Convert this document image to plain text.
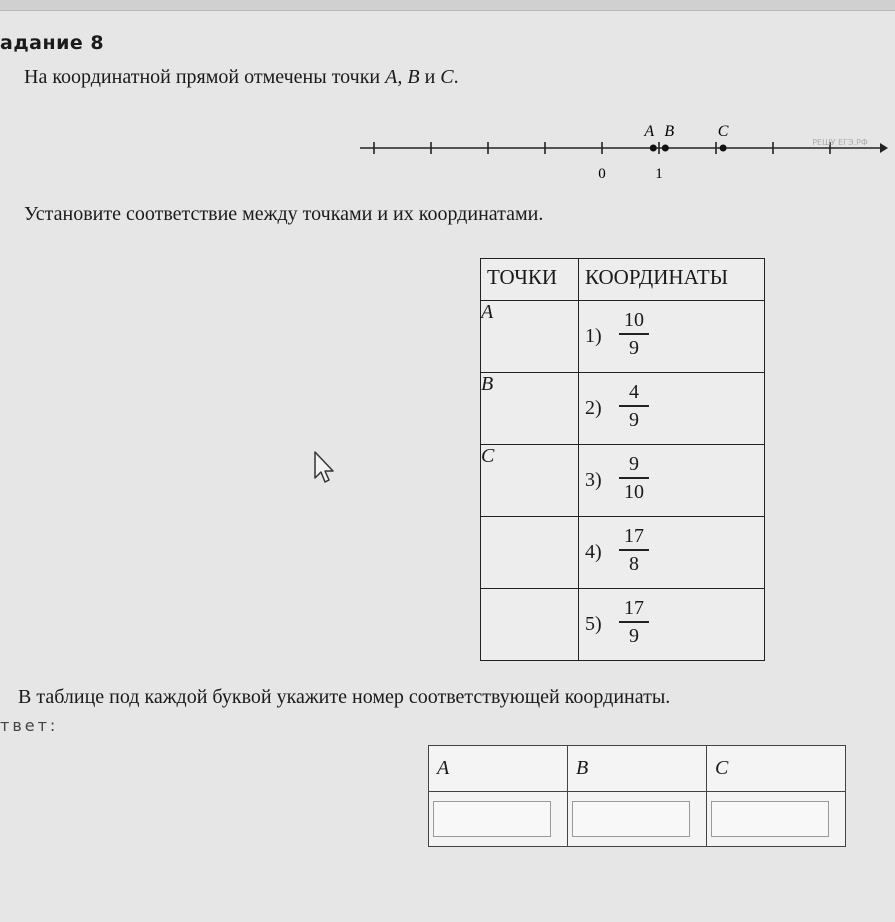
адание 8
На координатной прямой отмечены точки A, B и C.
0	1
A B	C
РЕШУ ЕГЭ.РФ
Установите соответствие между точками и их координатами.
ТОЧКИ	КООРДИНАТЫ
A	$1) \frac{10}{9}$

B	$2) \frac{4}{9}$

C	$3) \frac{9}{10}$

	$4) \frac{17}{8}$

	$5) \frac{17}{9}$
В таблице под каждой буквой укажите номер соответствующей координаты.
твет:
A	B	C
